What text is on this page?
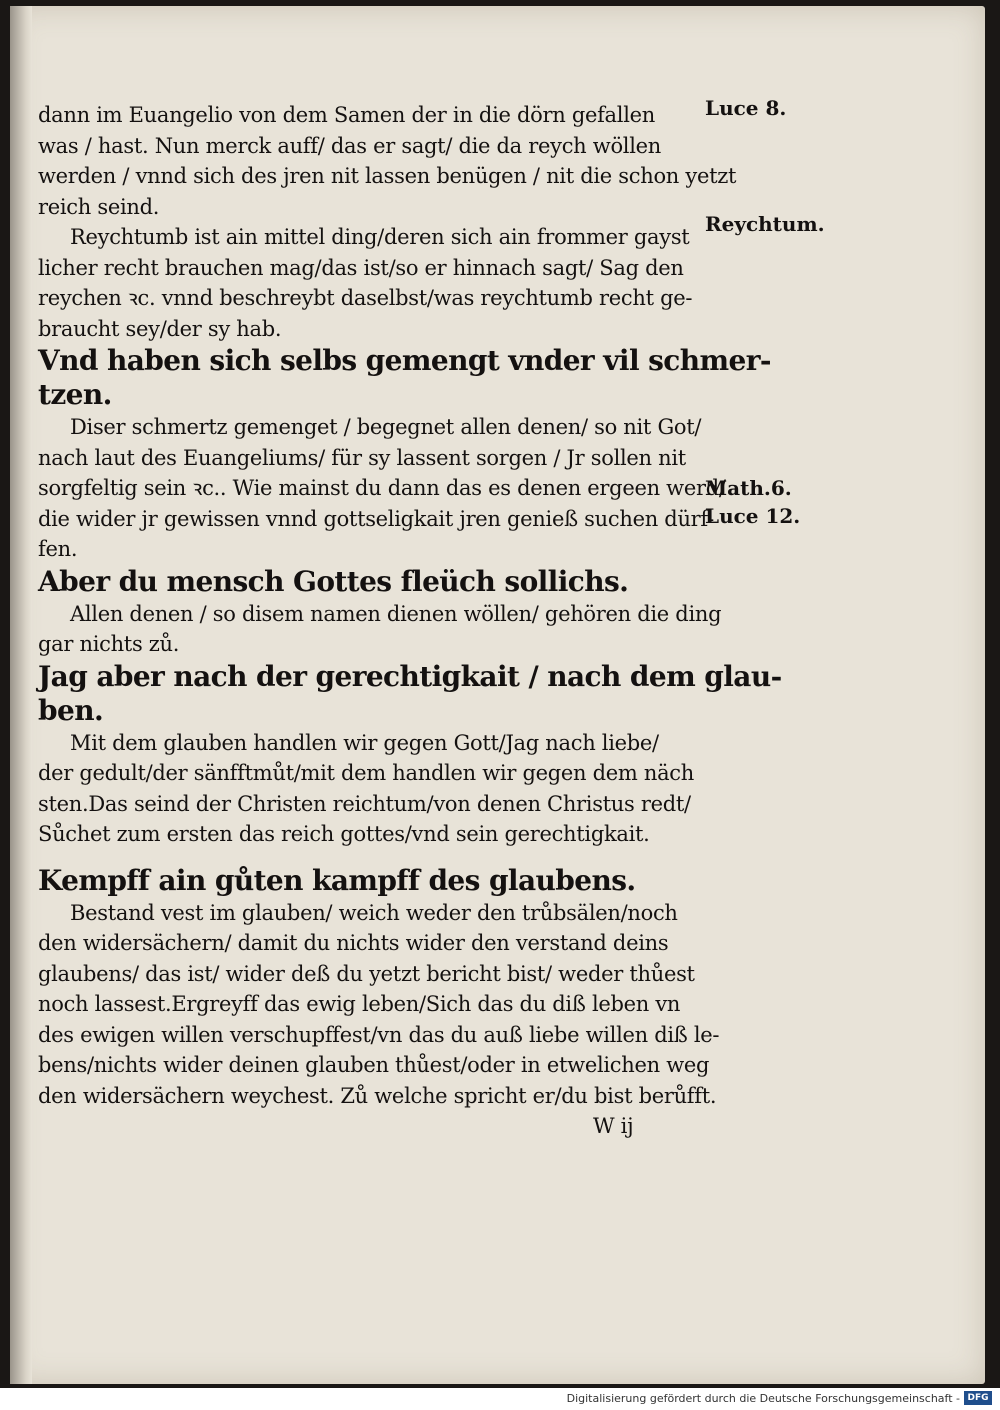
dann im Euangelio von dem Samen der in die dörn gefallen
was / hast. Nun merck auff/ das er sagt/ die da reych wöllen
werden / vnnd sich des jren nit lassen benügen / nit die schon yetzt
reich seind.
Reychtumb ist ain mittel ding/deren sich ain frommer gayst
licher recht brauchen mag/das ist/so er hinnach sagt/ Sag den
reychen ꝛc. vnnd beschreybt daselbst/was reychtumb recht ge-
braucht sey/der sy hab.
Vnd haben sich selbs gemengt vnder vil schmer-
tzen.
Diser schmertz gemenget / begegnet allen denen/ so nit Got/
nach laut des Euangeliums/ für sy lassent sorgen / Jr sollen nit
sorgfeltig sein ꝛc.. Wie mainst du dann das es denen ergeen werd/
die wider jr gewissen vnnd gottseligkait jren genieß suchen dürf-
fen.
Aber du mensch Gottes fleüch sollichs.
Allen denen / so disem namen dienen wöllen/ gehören die ding
gar nichts zů.
Jag aber nach der gerechtigkait / nach dem glau-
ben.
Mit dem glauben handlen wir gegen Gott/Jag nach liebe/
der gedult/der sänfftmůt/mit dem handlen wir gegen dem näch
sten.Das seind der Christen reichtum/von denen Christus redt/
Sůchet zum ersten das reich gottes/vnd sein gerechtigkait.
Kempff ain gůten kampff des glaubens.
Bestand vest im glauben/ weich weder den trůbsälen/noch
den widersächern/ damit du nichts wider den verstand deins
glaubens/ das ist/ wider deß du yetzt bericht bist/ weder thůest
noch lassest.Ergreyff das ewig leben/Sich das du diß leben vn
des ewigen willen verschupffest/vn das du auß liebe willen diß le-
bens/nichts wider deinen glauben thůest/oder in etwelichen weg
den widersächern weychest. Zů welche spricht er/du bist berůfft.
W ij
Luce 8.
Reychtum.
Math.6.
Luce 12.
Digitalisierung gefördert durch die Deutsche Forschungsgemeinschaft - DFG
